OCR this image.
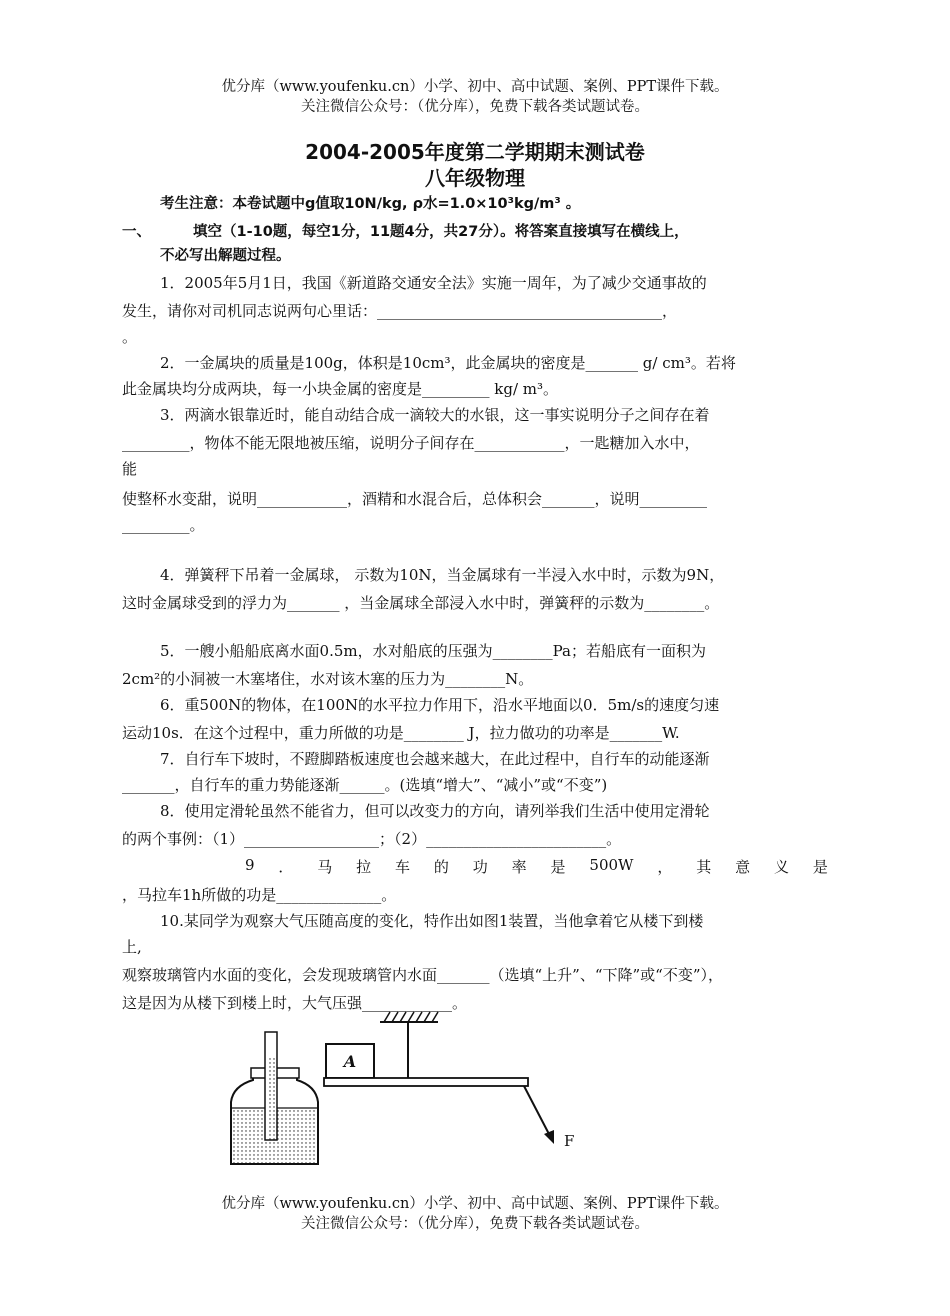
优分库（www.youfenku.cn）小学、初中、高中试题、案例、PPT课件下载。
关注微信公众号：（优分库），免费下载各类试题试卷。
2004-2005年度第二学期期末测试卷
八年级物理
考生注意：本卷试题中g值取10N/kg, ρ水=1.0×10³kg/m³ 。
一、	填空（1-10题，每空1分，11题4分，共27分）。将答案直接填写在横线上，
不必写出解题过程。
1．2005年5月1日，我国《新道路交通安全法》实施一周年，为了减少交通事故的
发生，请你对司机同志说两句心里话：______________________________________，
。
2．一金属块的质量是100g，体积是10cm³，此金属块的密度是_______ g/ cm³。若将
此金属块均分成两块，每一小块金属的密度是_________ kg/ m³。
3．两滴水银靠近时，能自动结合成一滴较大的水银，这一事实说明分子之间存在着
_________，物体不能无限地被压缩，说明分子间存在____________，一匙糖加入水中，
能
使整杯水变甜，说明____________，酒精和水混合后，总体积会_______，说明_________
_________。
4．弹簧秤下吊着一金属球， 示数为10N，当金属球有一半浸入水中时，示数为9N，
这时金属球受到的浮力为_______ ，当金属球全部浸入水中时，弹簧秤的示数为________。
5．一艘小船船底离水面0.5m，水对船底的压强为________Pa；若船底有一面积为
2cm²的小洞被一木塞堵住，水对该木塞的压力为________N。
6．重500N的物体，在100N的水平拉力作用下，沿水平地面以0．5m/s的速度匀速
运动10s．在这个过程中，重力所做的功是________ J，拉力做功的功率是_______W.
7．自行车下坡时，不蹬脚踏板速度也会越来越大，在此过程中，自行车的动能逐渐
_______，自行车的重力势能逐渐______。(选填“增大”、“减小”或“不变”)
8．使用定滑轮虽然不能省力，但可以改变力的方向，请列举我们生活中使用定滑轮
的两个事例：（1）__________________；（2）________________________。
9 ． 马 拉 车 的 功 率 是 500W ， 其 意 义 是
，马拉车1h所做的功是______________。
10.某同学为观察大气压随高度的变化，特作出如图1装置，当他拿着它从楼下到楼
上,
观察玻璃管内水面的变化，会发现玻璃管内水面_______（选填“上升”、“下降”或“不变”），
这是因为从楼下到楼上时，大气压强____________。
A
F
优分库（www.youfenku.cn）小学、初中、高中试题、案例、PPT课件下载。
关注微信公众号：（优分库），免费下载各类试题试卷。
